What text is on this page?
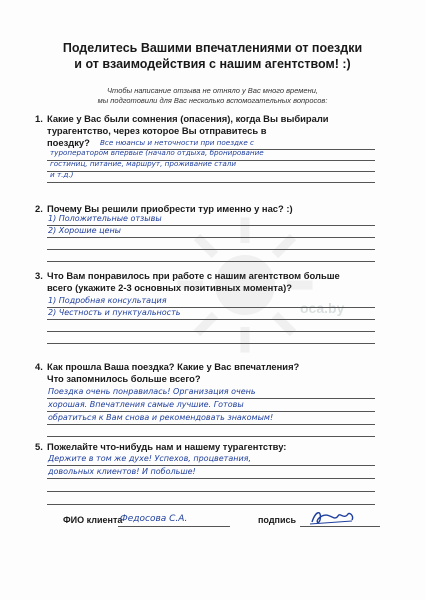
oca.by
Поделитесь Вашими впечатлениями от поездки
и от взаимодействия с нашим агентством! :)
Чтобы написание отзыва не отняло у Вас много времени,
мы подготовили для Вас несколько вспомогательных вопросов:
1. Какие у Вас были сомнения (опасения), когда Вы выбирали
турагентство, через которое Вы отправитесь в
поездку?	Все нюансы и неточности при поездке с
туроператором впервые (начало отдыха, бронирование
гостиниц, питание, маршрут, проживание стали
и т.д.)
2. Почему Вы решили приобрести тур именно у нас? :)
1) Положительные отзывы
2) Хорошие цены
3. Что Вам понравилось при работе с нашим агентством больше
всего (укажите 2-3 основных позитивных момента)?
1) Подробная консультация
2) Честность и пунктуальность
4. Как прошла Ваша поездка? Какие у Вас впечатления?
Что запомнилось больше всего?
Поездка очень понравилась! Организация очень
хорошая. Впечатления самые лучшие. Готовы
обратиться к Вам снова и рекомендовать знакомым!
5. Пожелайте что-нибудь нам и нашему турагентству:
Держите в том же духе! Успехов, процветания,
довольных клиентов! И побольше!
ФИО клиента
Федосова С.А.	подпись
